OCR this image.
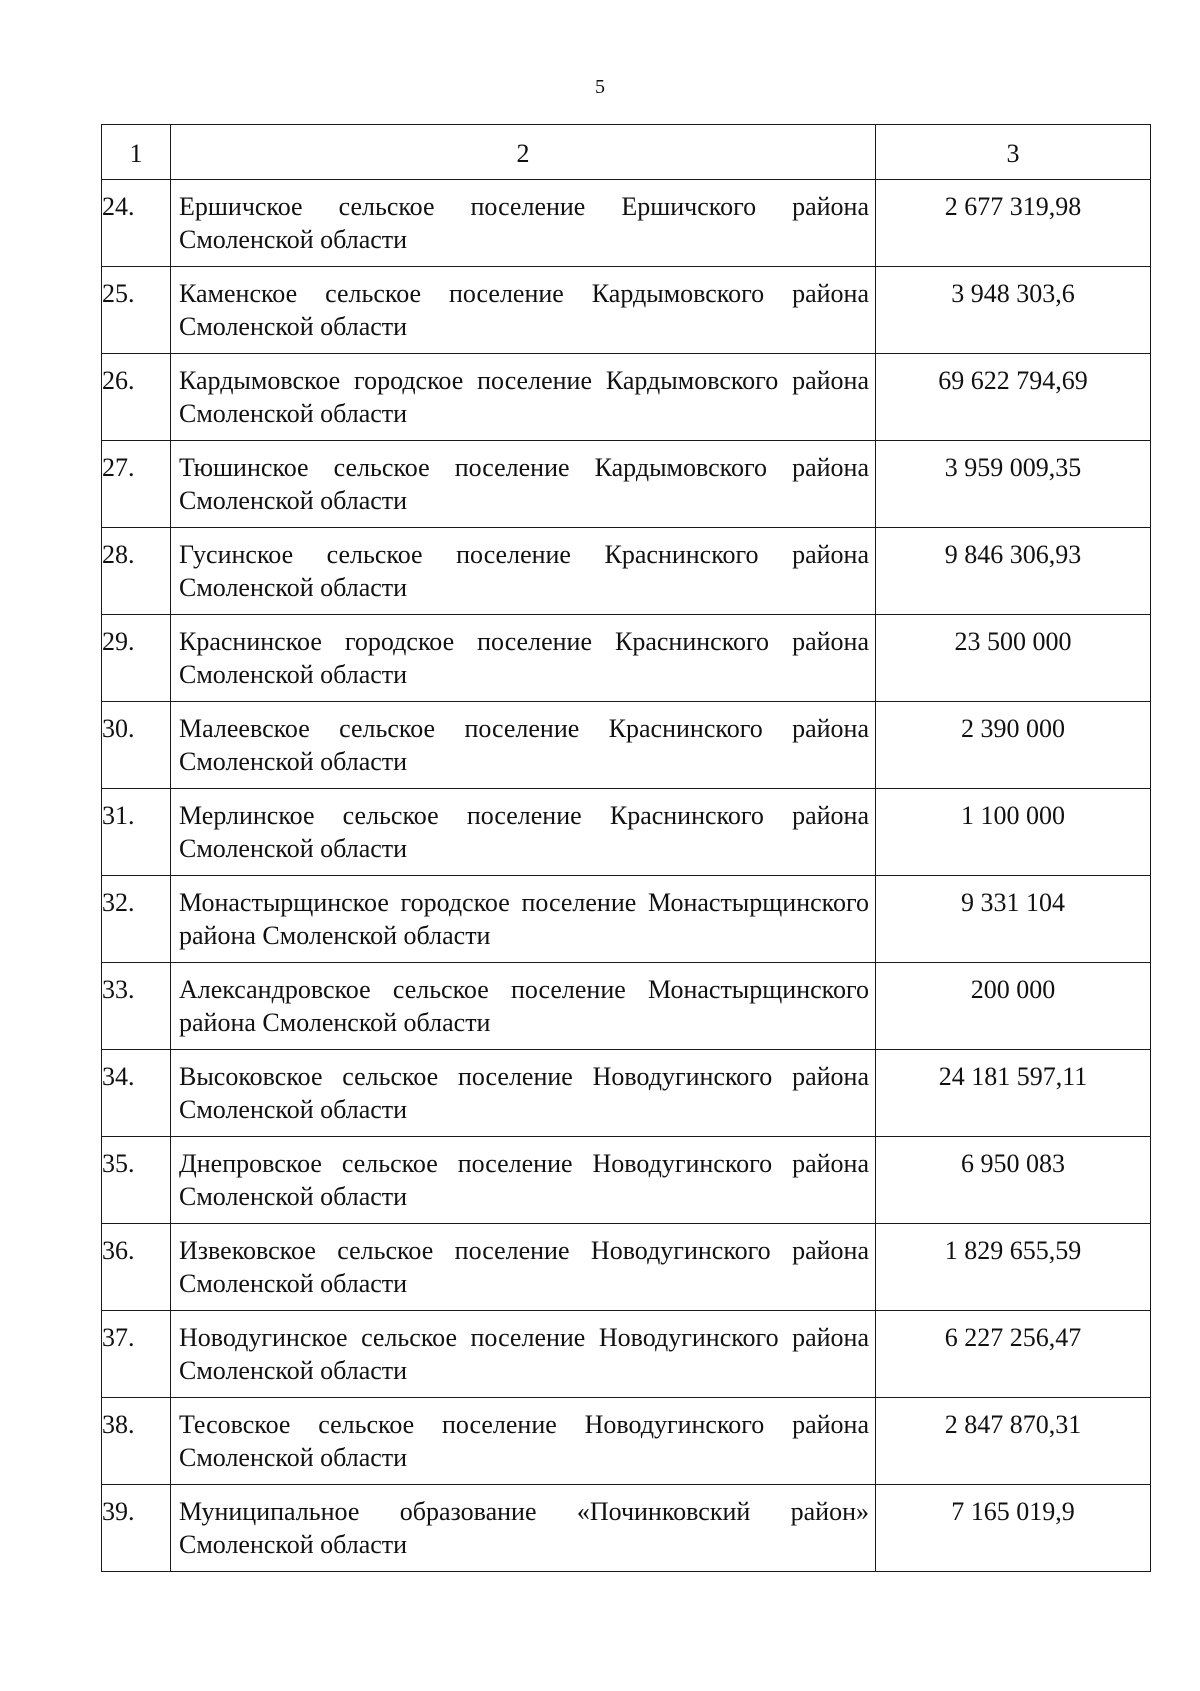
5
1	2	3
24.	Ершичское сельское поселение Ершичского района Смоленской области	2 677 319,98
25.	Каменское сельское поселение Кардымовского района Смоленской области	3 948 303,6
26.	Кардымовское городское поселение Кардымовского района Смоленской области	69 622 794,69
27.	Тюшинское сельское поселение Кардымовского района Смоленской области	3 959 009,35
28.	Гусинское сельское поселение Краснинского района Смоленской области	9 846 306,93
29.	Краснинское городское поселение Краснинского района Смоленской области	23 500 000
30.	Малеевское сельское поселение Краснинского района Смоленской области	2 390 000
31.	Мерлинское сельское поселение Краснинского района Смоленской области	1 100 000
32.	Монастырщинское городское поселение Монастырщинского района Смоленской области	9 331 104
33.	Александровское сельское поселение Монастырщинского района Смоленской области	200 000
34.	Высоковское сельское поселение Новодугинского района Смоленской области	24 181 597,11
35.	Днепровское сельское поселение Новодугинского района Смоленской области	6 950 083
36.	Извековское сельское поселение Новодугинского района Смоленской области	1 829 655,59
37.	Новодугинское сельское поселение Новодугинского района Смоленской области	6 227 256,47
38.	Тесовское сельское поселение Новодугинского района Смоленской области	2 847 870,31
39.	Муниципальное образование «Починковский район» Смоленской области	7 165 019,9
